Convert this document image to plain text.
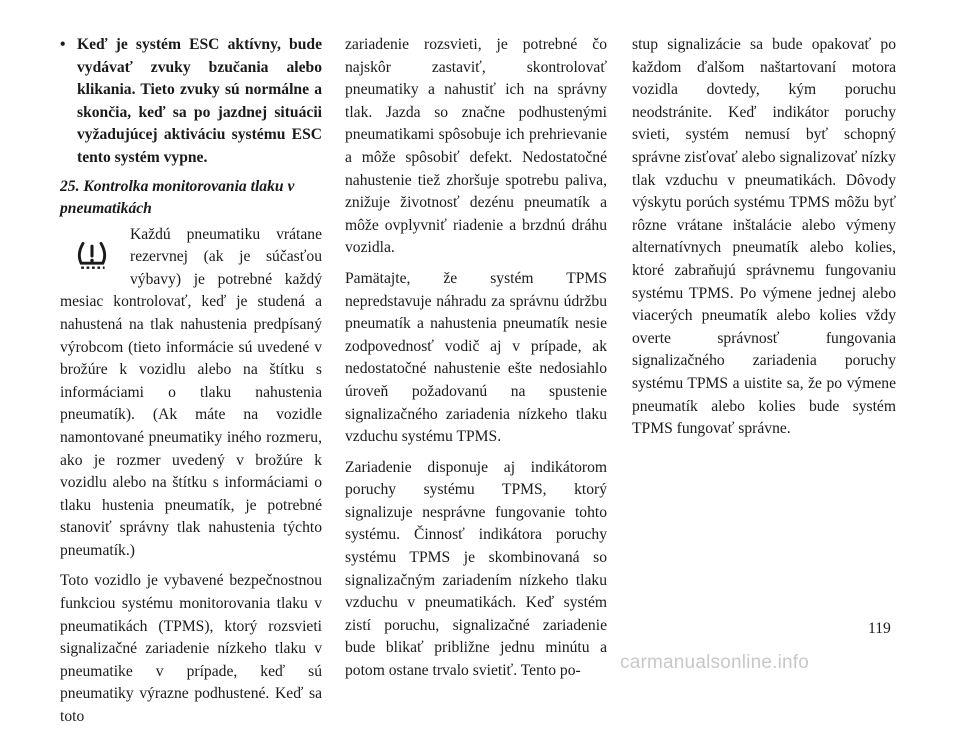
• Keď je systém ESC aktívny, bude vydávať zvuky bzučania alebo klikania. Tieto zvuky sú normálne a skončia, keď sa po jazdnej situácii vyžadujúcej aktiváciu systému ESC tento systém vypne.
25. Kontrolka monitorovania tlaku v pneumatikách

Každú pneumatiku vrátane rezervnej (ak je súčasťou výbavy) je potrebné každý mesiac kontrolovať, keď je studená a nahustená na tlak nahustenia predpísaný výrobcom (tieto informácie sú uvedené v brožúre k vozidlu alebo na štítku s informáciami o tlaku nahustenia pneumatík). (Ak máte na vozidle namontované pneumatiky iného rozmeru, ako je rozmer uvedený v brožúre k vozidlu alebo na štítku s informáciami o tlaku hustenia pneumatík, je potrebné stanoviť správny tlak nahustenia týchto pneumatík.)

Toto vozidlo je vybavené bezpečnostnou funkciou systému monitorovania tlaku v pneumatikách (TPMS), ktorý rozsvieti signalizačné zariadenie nízkeho tlaku v pneumatike v prípade, keď sú pneumatiky výrazne podhustené. Keď sa toto

zariadenie rozsvieti, je potrebné čo najskôr zastaviť, skontrolovať pneumatiky a nahustiť ich na správny tlak. Jazda so značne podhustenými pneumatikami spôsobuje ich prehrievanie a môže spôsobiť defekt. Nedostatočné nahustenie tiež zhoršuje spotrebu paliva, znižuje životnosť dezénu pneumatík a môže ovplyvniť riadenie a brzdnú dráhu vozidla.

Pamätajte, že systém TPMS nepredstavuje náhradu za správnu údržbu pneumatík a nahustenia pneumatík nesie zodpovednosť vodič aj v prípade, ak nedostatočné nahustenie ešte nedosiahlo úroveň požadovanú na spustenie signalizačného zariadenia nízkeho tlaku vzduchu systému TPMS.

Zariadenie disponuje aj indikátorom poruchy systému TPMS, ktorý signalizuje nesprávne fungovanie tohto systému. Činnosť indikátora poruchy systému TPMS je skombinovaná so signalizačným zariadením nízkeho tlaku vzduchu v pneumatikách. Keď systém zistí poruchu, signalizačné zariadenie bude blikať približne jednu minútu a potom ostane trvalo svietiť. Tento po-

stup signalizácie sa bude opakovať po každom ďalšom naštartovaní motora vozidla dovtedy, kým poruchu neodstránite. Keď indikátor poruchy svieti, systém nemusí byť schopný správne zisťovať alebo signalizovať nízky tlak vzduchu v pneumatikách. Dôvody výskytu porúch systému TPMS môžu byť rôzne vrátane inštalácie alebo výmeny alternatívnych pneumatík alebo kolies, ktoré zabraňujú správnemu fungovaniu systému TPMS. Po výmene jednej alebo viacerých pneumatík alebo kolies vždy overte správnosť fungovania signalizačného zariadenia poruchy systému TPMS a uistite sa, že po výmene pneumatík alebo kolies bude systém TPMS fungovať správne.

119
carmanualsonline.info
